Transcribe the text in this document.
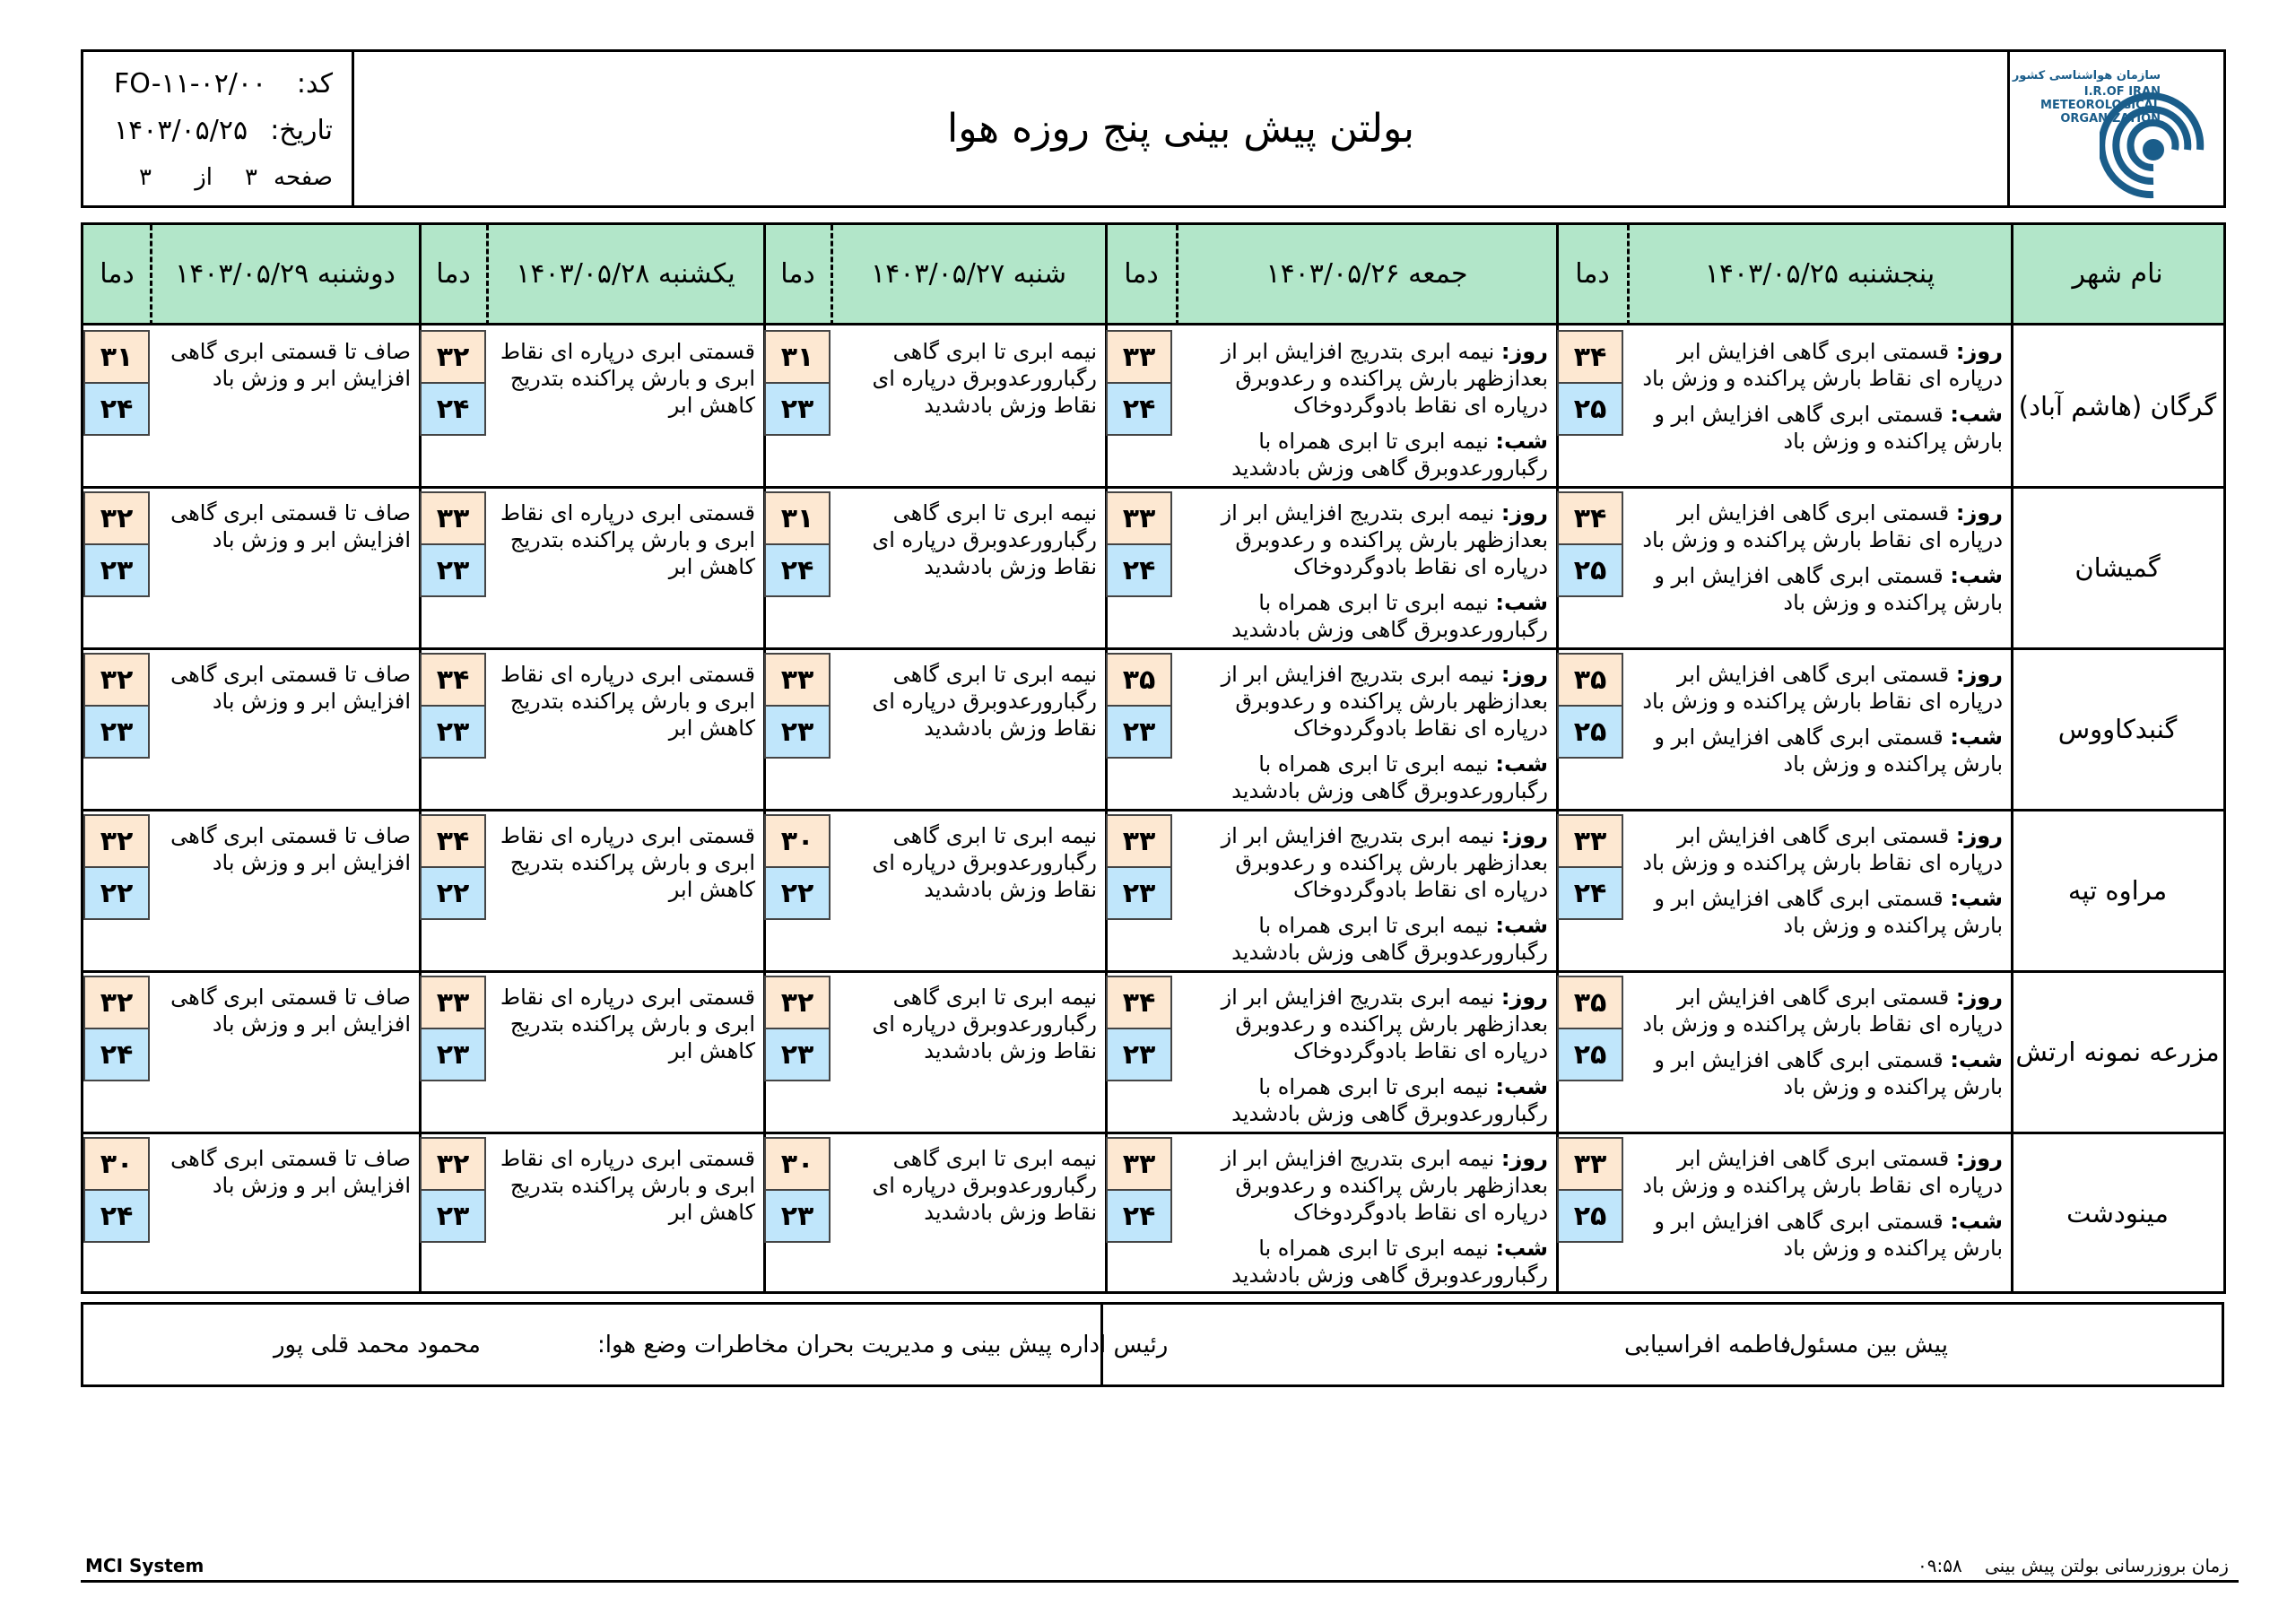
کد:
FO-۱۱-۰۲/۰۰
تاریخ:
۱۴۰۳/۰۵/۲۵
صفحه
۳
از
۳
بولتن پیش بینی پنج روزه هوا
سازمان هواشناسی کشور
I.R.OF IRAN
METEOROLOGICAL
ORGANIZATION
نام شهر
پنجشنبه ۱۴۰۳/۰۵/۲۵
دما
جمعه ۱۴۰۳/۰۵/۲۶
دما
شنبه ۱۴۰۳/۰۵/۲۷
دما
یکشنبه ۱۴۰۳/۰۵/۲۸
دما
دوشنبه ۱۴۰۳/۰۵/۲۹
دما
گرگان (هاشم آباد)
۳۴
۲۵
روز: قسمتی ابری گاهی افزایش ابر درپاره ای نقاط بارش پراکنده و وزش باد
شب: قسمتی ابری گاهی افزایش ابر و بارش پراکنده و وزش باد
۳۳
۲۴
روز: نیمه ابری بتدریج افزایش ابر از بعدازظهر بارش پراکنده و رعدوبرق درپاره ای نقاط بادوگردوخاک
شب: نیمه ابری تا ابری همراه با رگبارورعدوبرق گاهی وزش بادشدید
۳۱
۲۳
نیمه ابری تا ابری گاهی رگبارورعدوبرق درپاره ای نقاط وزش بادشدید
۳۲
۲۴
قسمتی ابری درپاره ای نقاط ابری و بارش پراکنده بتدریج کاهش ابر
۳۱
۲۴
صاف تا قسمتی ابری گاهی افزایش ابر و وزش باد
گمیشان
۳۴
۲۵
روز: قسمتی ابری گاهی افزایش ابر درپاره ای نقاط بارش پراکنده و وزش باد
شب: قسمتی ابری گاهی افزایش ابر و بارش پراکنده و وزش باد
۳۳
۲۴
روز: نیمه ابری بتدریج افزایش ابر از بعدازظهر بارش پراکنده و رعدوبرق درپاره ای نقاط بادوگردوخاک
شب: نیمه ابری تا ابری همراه با رگبارورعدوبرق گاهی وزش بادشدید
۳۱
۲۴
نیمه ابری تا ابری گاهی رگبارورعدوبرق درپاره ای نقاط وزش بادشدید
۳۳
۲۳
قسمتی ابری درپاره ای نقاط ابری و بارش پراکنده بتدریج کاهش ابر
۳۲
۲۳
صاف تا قسمتی ابری گاهی افزایش ابر و وزش باد
گنبدکاووس
۳۵
۲۵
روز: قسمتی ابری گاهی افزایش ابر درپاره ای نقاط بارش پراکنده و وزش باد
شب: قسمتی ابری گاهی افزایش ابر و بارش پراکنده و وزش باد
۳۵
۲۳
روز: نیمه ابری بتدریج افزایش ابر از بعدازظهر بارش پراکنده و رعدوبرق درپاره ای نقاط بادوگردوخاک
شب: نیمه ابری تا ابری همراه با رگبارورعدوبرق گاهی وزش بادشدید
۳۳
۲۳
نیمه ابری تا ابری گاهی رگبارورعدوبرق درپاره ای نقاط وزش بادشدید
۳۴
۲۳
قسمتی ابری درپاره ای نقاط ابری و بارش پراکنده بتدریج کاهش ابر
۳۲
۲۳
صاف تا قسمتی ابری گاهی افزایش ابر و وزش باد
مراوه تپه
۳۳
۲۴
روز: قسمتی ابری گاهی افزایش ابر درپاره ای نقاط بارش پراکنده و وزش باد
شب: قسمتی ابری گاهی افزایش ابر و بارش پراکنده و وزش باد
۳۳
۲۳
روز: نیمه ابری بتدریج افزایش ابر از بعدازظهر بارش پراکنده و رعدوبرق درپاره ای نقاط بادوگردوخاک
شب: نیمه ابری تا ابری همراه با رگبارورعدوبرق گاهی وزش بادشدید
۳۰
۲۲
نیمه ابری تا ابری گاهی رگبارورعدوبرق درپاره ای نقاط وزش بادشدید
۳۴
۲۲
قسمتی ابری درپاره ای نقاط ابری و بارش پراکنده بتدریج کاهش ابر
۳۲
۲۲
صاف تا قسمتی ابری گاهی افزایش ابر و وزش باد
مزرعه نمونه ارتش
۳۵
۲۵
روز: قسمتی ابری گاهی افزایش ابر درپاره ای نقاط بارش پراکنده و وزش باد
شب: قسمتی ابری گاهی افزایش ابر و بارش پراکنده و وزش باد
۳۴
۲۳
روز: نیمه ابری بتدریج افزایش ابر از بعدازظهر بارش پراکنده و رعدوبرق درپاره ای نقاط بادوگردوخاک
شب: نیمه ابری تا ابری همراه با رگبارورعدوبرق گاهی وزش بادشدید
۳۲
۲۳
نیمه ابری تا ابری گاهی رگبارورعدوبرق درپاره ای نقاط وزش بادشدید
۳۳
۲۳
قسمتی ابری درپاره ای نقاط ابری و بارش پراکنده بتدریج کاهش ابر
۳۲
۲۴
صاف تا قسمتی ابری گاهی افزایش ابر و وزش باد
مینودشت
۳۳
۲۵
روز: قسمتی ابری گاهی افزایش ابر درپاره ای نقاط بارش پراکنده و وزش باد
شب: قسمتی ابری گاهی افزایش ابر و بارش پراکنده و وزش باد
۳۳
۲۴
روز: نیمه ابری بتدریج افزایش ابر از بعدازظهر بارش پراکنده و رعدوبرق درپاره ای نقاط بادوگردوخاک
شب: نیمه ابری تا ابری همراه با رگبارورعدوبرق گاهی وزش بادشدید
۳۰
۲۳
نیمه ابری تا ابری گاهی رگبارورعدوبرق درپاره ای نقاط وزش بادشدید
۳۲
۲۳
قسمتی ابری درپاره ای نقاط ابری و بارش پراکنده بتدریج کاهش ابر
۳۰
۲۴
صاف تا قسمتی ابری گاهی افزایش ابر و وزش باد
پیش بین مسئول:
فاطمه افراسیابی
رئیس اداره پیش بینی و مدیریت بحران مخاطرات وضع هوا:
محمود محمد قلی پور
MCI System	زمان بروزرسانی بولتن پیش بینی
۰۹:۵۸
